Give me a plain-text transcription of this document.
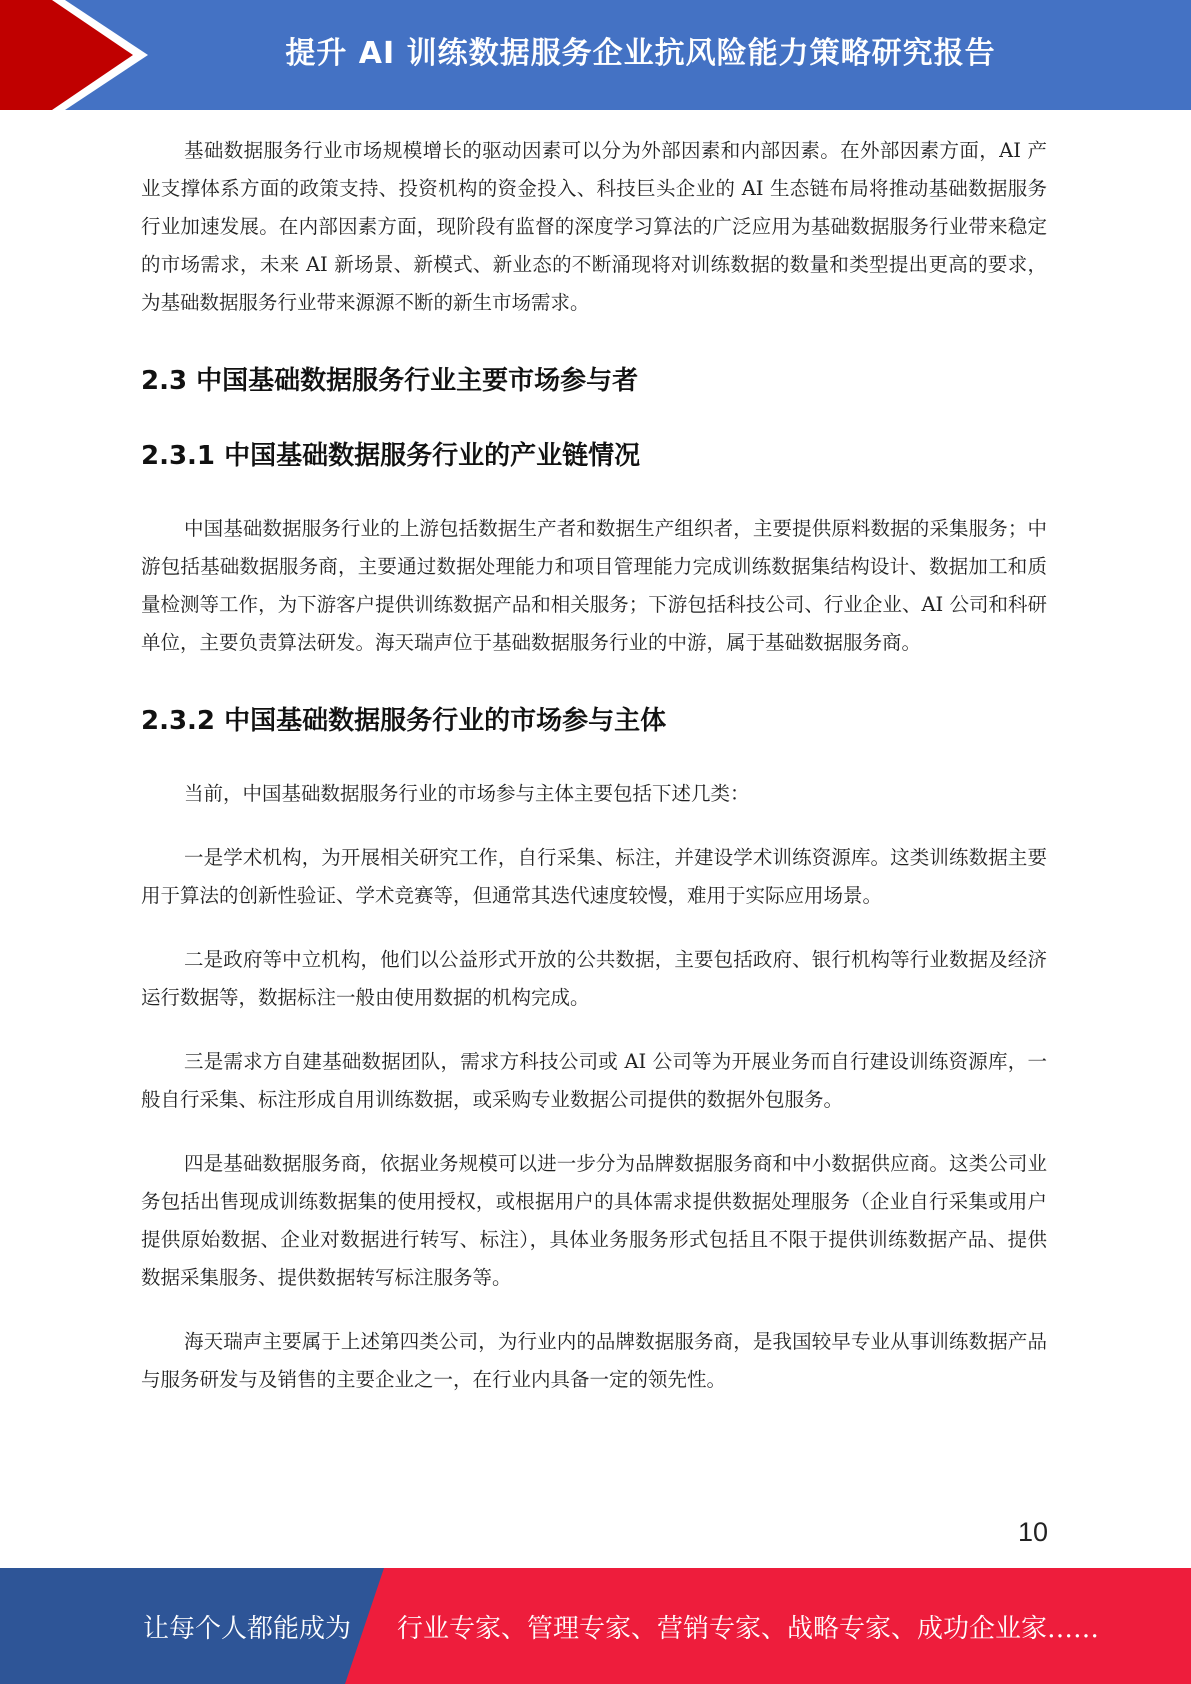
提升 AI 训练数据服务企业抗风险能力策略研究报告

基础数据服务行业市场规模增长的驱动因素可以分为外部因素和内部因素。在外部因素方面，AI 产业支撑体系方面的政策支持、投资机构的资金投入、科技巨头企业的 AI 生态链布局将推动基础数据服务行业加速发展。在内部因素方面，现阶段有监督的深度学习算法的广泛应用为基础数据服务行业带来稳定的市场需求，未来 AI 新场景、新模式、新业态的不断涌现将对训练数据的数量和类型提出更高的要求，为基础数据服务行业带来源源不断的新生市场需求。

2.3 中国基础数据服务行业主要市场参与者
2.3.1 中国基础数据服务行业的产业链情况

中国基础数据服务行业的上游包括数据生产者和数据生产组织者，主要提供原料数据的采集服务；中游包括基础数据服务商，主要通过数据处理能力和项目管理能力完成训练数据集结构设计、数据加工和质量检测等工作，为下游客户提供训练数据产品和相关服务；下游包括科技公司、行业企业、AI 公司和科研单位，主要负责算法研发。海天瑞声位于基础数据服务行业的中游，属于基础数据服务商。

2.3.2 中国基础数据服务行业的市场参与主体

当前，中国基础数据服务行业的市场参与主体主要包括下述几类：

一是学术机构，为开展相关研究工作，自行采集、标注，并建设学术训练资源库。这类训练数据主要用于算法的创新性验证、学术竞赛等，但通常其迭代速度较慢，难用于实际应用场景。

二是政府等中立机构，他们以公益形式开放的公共数据，主要包括政府、银行机构等行业数据及经济运行数据等，数据标注一般由使用数据的机构完成。

三是需求方自建基础数据团队，需求方科技公司或 AI 公司等为开展业务而自行建设训练资源库，一般自行采集、标注形成自用训练数据，或采购专业数据公司提供的数据外包服务。

四是基础数据服务商，依据业务规模可以进一步分为品牌数据服务商和中小数据供应商。这类公司业务包括出售现成训练数据集的使用授权，或根据用户的具体需求提供数据处理服务（企业自行采集或用户提供原始数据、企业对数据进行转写、标注），具体业务服务形式包括且不限于提供训练数据产品、提供数据采集服务、提供数据转写标注服务等。

海天瑞声主要属于上述第四类公司，为行业内的品牌数据服务商，是我国较早专业从事训练数据产品与服务研发与及销售的主要企业之一，在行业内具备一定的领先性。

10
让每个人都能成为 行业专家、管理专家、营销专家、战略专家、成功企业家……
